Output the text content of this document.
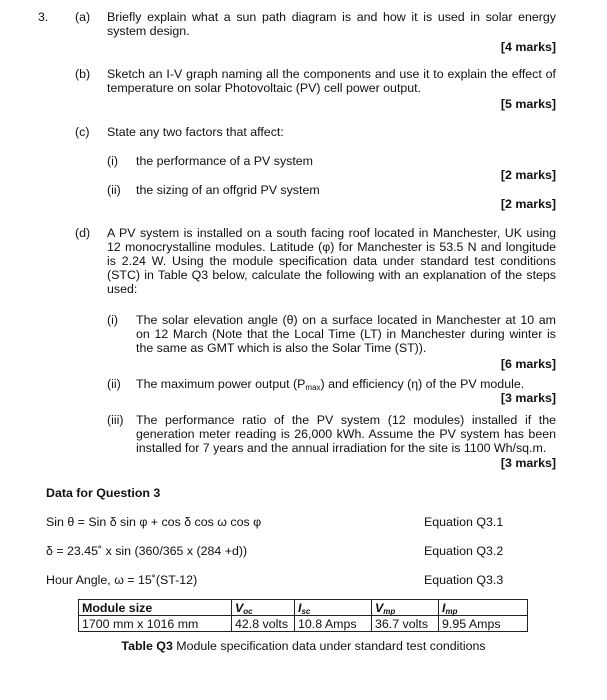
3. (a) Briefly explain what a sun path diagram is and how it is used in solar energy system design.
[4 marks]
(b) Sketch an I-V graph naming all the components and use it to explain the effect of temperature on solar Photovoltaic (PV) cell power output.
[5 marks]
(c) State any two factors that affect:
(i) the performance of a PV system
[2 marks]
(ii) the sizing of an offgrid PV system
[2 marks]
(d) A PV system is installed on a south facing roof located in Manchester, UK using 12 monocrystalline modules. Latitude (φ) for Manchester is 53.5 N and longitude is 2.24 W. Using the module specification data under standard test conditions (STC) in Table Q3 below, calculate the following with an explanation of the steps used:
(i) The solar elevation angle (θ) on a surface located in Manchester at 10 am on 12 March (Note that the Local Time (LT) in Manchester during winter is the same as GMT which is also the Solar Time (ST)).
[6 marks]
(ii) The maximum power output $(P_{max})$ and efficiency (η) of the PV module.
[3 marks]
(iii) The performance ratio of the PV system (12 modules) installed if the generation meter reading is 26,000 kWh. Assume the PV system has been installed for 7 years and the annual irradiation for the site is 1100 Wh/sq.m.
[3 marks]
Data for Question 3
Sin θ = Sin δ sin φ + cos δ cos ω cos φ	Equation Q3.1
δ = 23.45˚ x sin (360/365 x (284 +d))	Equation Q3.2
Hour Angle, ω = 15˚(ST-12)	Equation Q3.3
Module size	$V_{oc}$	$I_{sc}$	$V_{mp}$	$I_{mp}$
1700 mm x 1016 mm	42.8 volts	10.8 Amps	36.7 volts	9.95 Amps
Table Q3 Module specification data under standard test conditions
